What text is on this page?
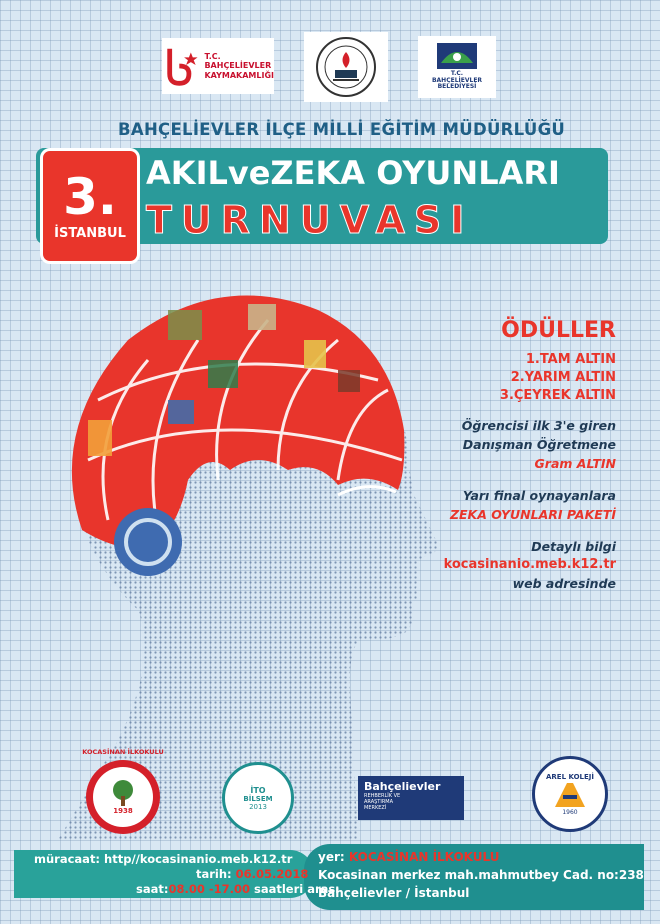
T.C.
BAHÇELİEVLER
KAYMAKAMLIĞI	T.C.
BAHÇELİEVLER
BELEDİYESİ
BAHÇELİEVLER İLÇE MİLLİ EĞİTİM MÜDÜRLÜĞÜ
3.
İSTANBUL
AKILveZEKA OYUNLARI
TURNUVASI
ÖDÜLLER
1.TAM ALTIN
2.YARIM ALTIN
3.ÇEYREK ALTIN
Öğrencisi ilk 3'e giren
Danışman Öğretmene
Gram ALTIN
Yarı final oynayanlara
ZEKA OYUNLARI PAKETİ
Detaylı bilgi
kocasinanio.meb.k12.tr
web adresinde
1938
KOCASİNAN İLKOKULU
İTO
BİLSEM
2013
Bahçelievler
REHBERLİK VE
ARAŞTIRMA
MERKEZİ
AREL KOLEJİ
1960
müracaat: http//kocasinanio.meb.k12.tr
tarih: 06.05.2018
saat:08.00 -17.00 saatleri arası
yer: KOCASİNAN İLKOKULU
Kocasinan merkez mah.mahmutbey Cad. no:238
Bahçelievler / İstanbul
